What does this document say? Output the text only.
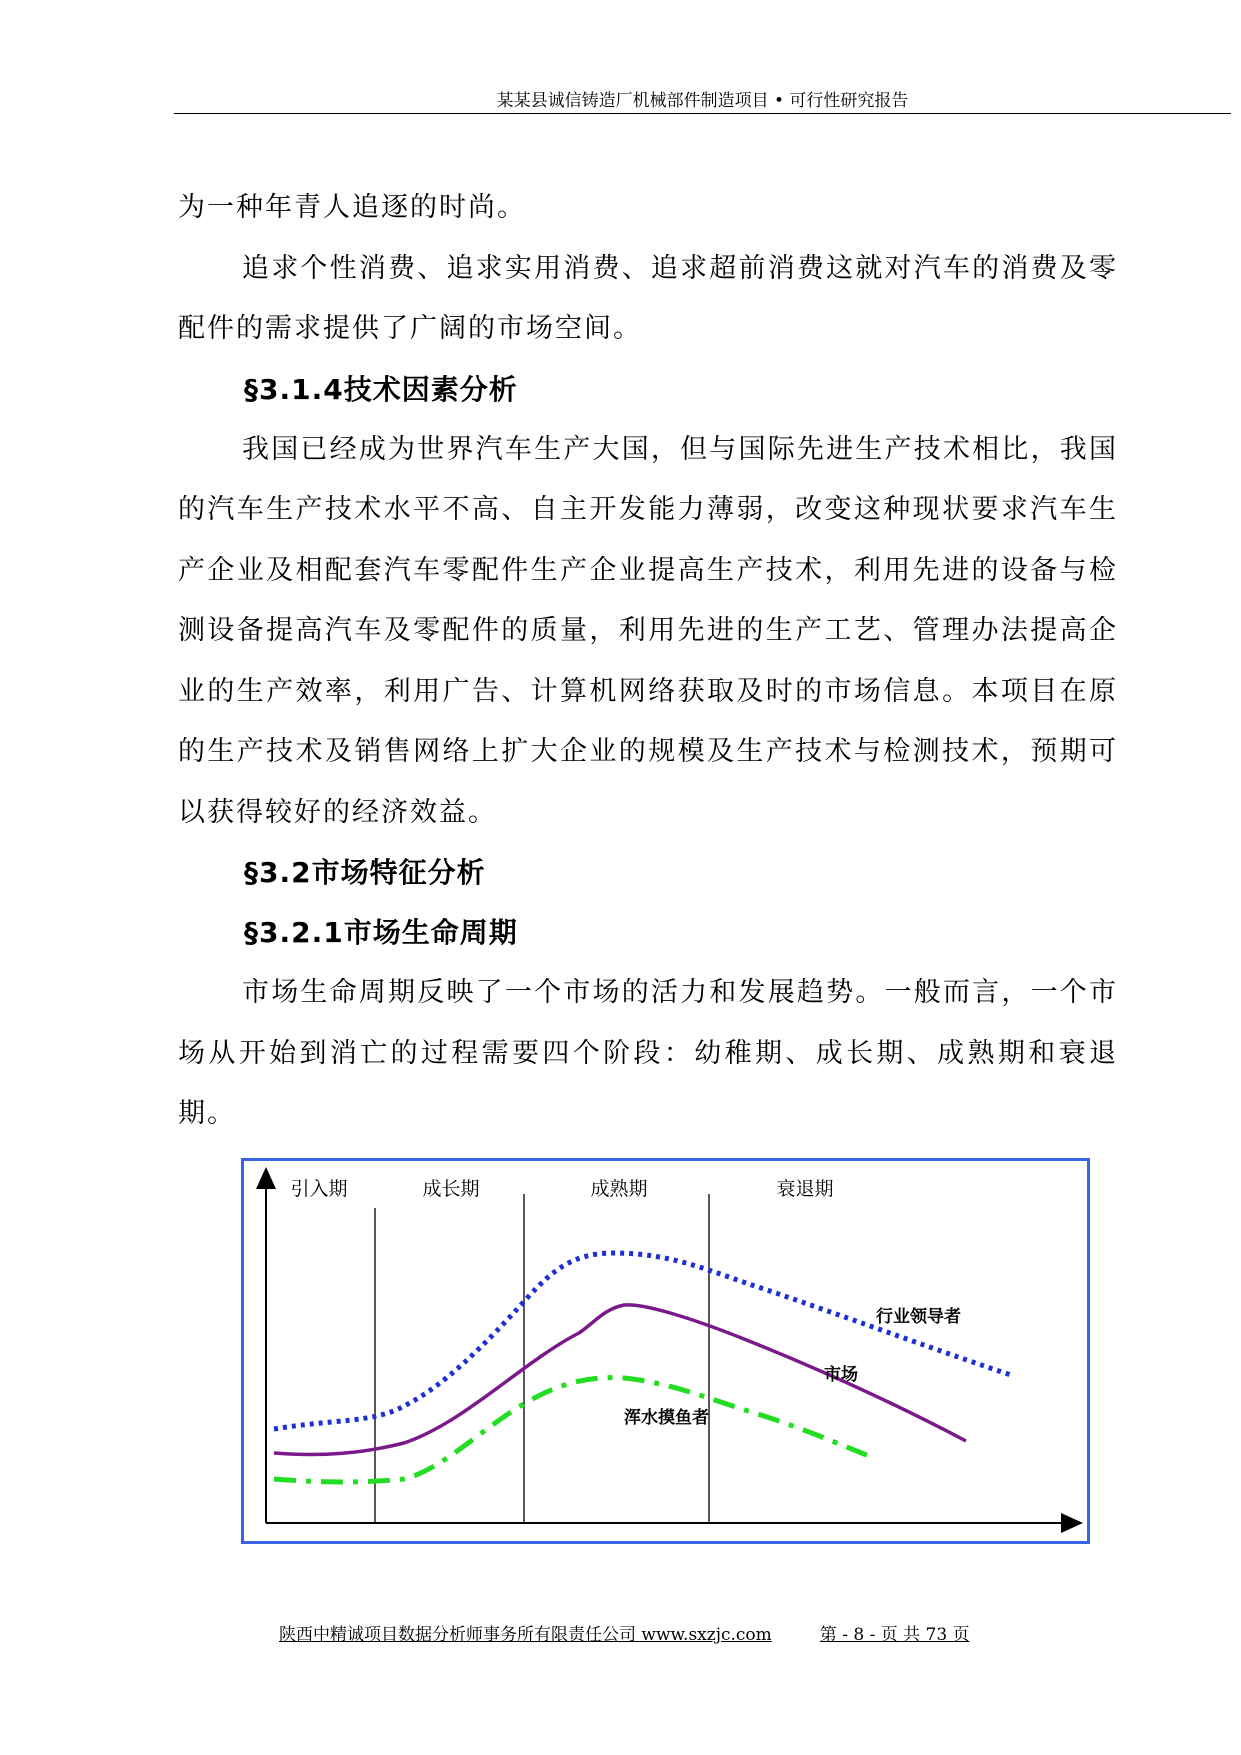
某某县诚信铸造厂机械部件制造项目 • 可行性研究报告

为一种年青人追逐的时尚。

追求个性消费、追求实用消费、追求超前消费这就对汽车的消费及零配件的需求提供了广阔的市场空间。

§3.1.4技术因素分析

我国已经成为世界汽车生产大国，但与国际先进生产技术相比，我国的汽车生产技术水平不高、自主开发能力薄弱，改变这种现状要求汽车生产企业及相配套汽车零配件生产企业提高生产技术，利用先进的设备与检测设备提高汽车及零配件的质量，利用先进的生产工艺、管理办法提高企业的生产效率，利用广告、计算机网络获取及时的市场信息。本项目在原的生产技术及销售网络上扩大企业的规模及生产技术与检测技术，预期可以获得较好的经济效益。

§3.2市场特征分析

§3.2.1市场生命周期

市场生命周期反映了一个市场的活力和发展趋势。一般而言，一个市场从开始到消亡的过程需要四个阶段：幼稚期、成长期、成熟期和衰退期。

引入期	成长期	成熟期	衰退期
行业领导者
市场
浑水摸鱼者
陕西中精诚项目数据分析师事务所有限责任公司 www.sxzjc.com	第 - 8 - 页 共 73 页
